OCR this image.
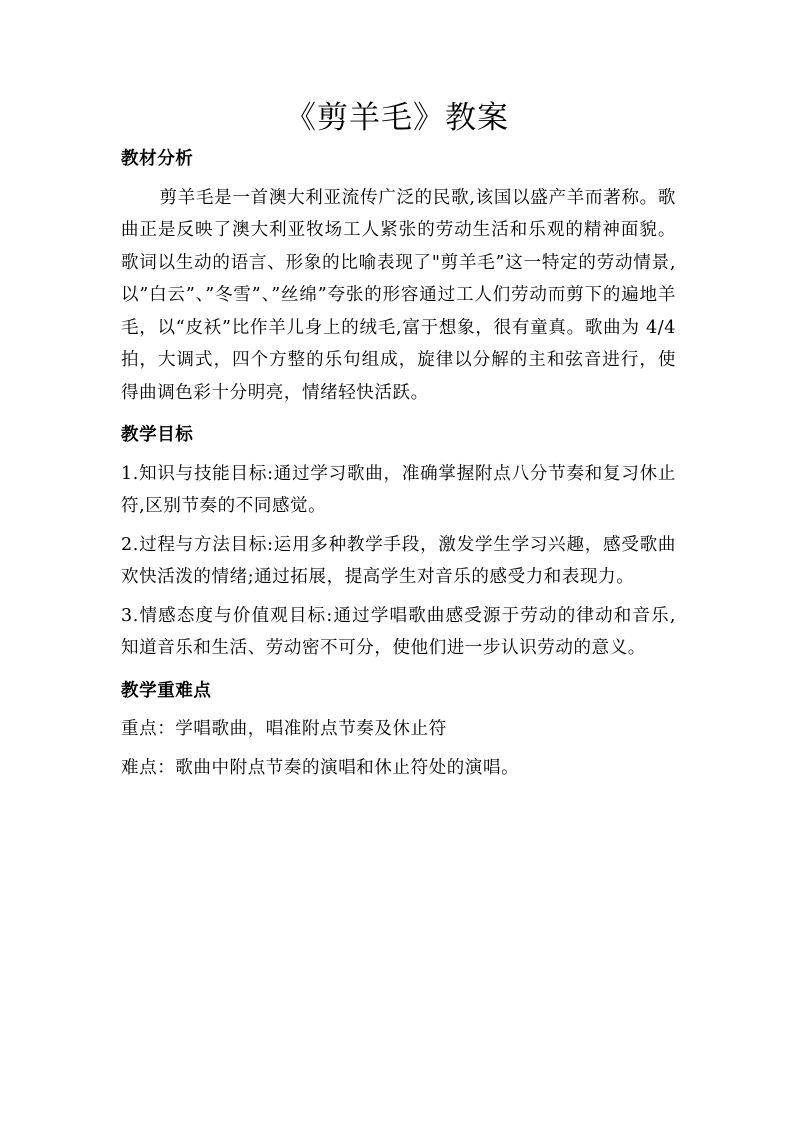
《剪羊毛》教案
教材分析

剪羊毛是一首澳大利亚流传广泛的民歌,该国以盛产羊而著称。歌曲正是反映了澳大利亚牧场工人紧张的劳动生活和乐观的精神面貌。歌词以生动的语言、形象的比喻表现了"剪羊毛”这一特定的劳动情景,以”白云”、”冬雪”、”丝绵”夸张的形容通过工人们劳动而剪下的遍地羊毛，以“皮袄”比作羊儿身上的绒毛,富于想象，很有童真。歌曲为 4/4 拍，大调式，四个方整的乐句组成，旋律以分解的主和弦音进行，使得曲调色彩十分明亮，情绪轻快活跃。

教学目标

1.知识与技能目标:通过学习歌曲，准确掌握附点八分节奏和复习休止符,区别节奏的不同感觉。

2.过程与方法目标:运用多种教学手段，激发学生学习兴趣，感受歌曲欢快活泼的情绪;通过拓展，提高学生对音乐的感受力和表现力。

3.情感态度与价值观目标:通过学唱歌曲感受源于劳动的律动和音乐,知道音乐和生活、劳动密不可分，使他们进一步认识劳动的意义。

教学重难点

重点：学唱歌曲，唱准附点节奏及休止符

难点：歌曲中附点节奏的演唱和休止符处的演唱。
